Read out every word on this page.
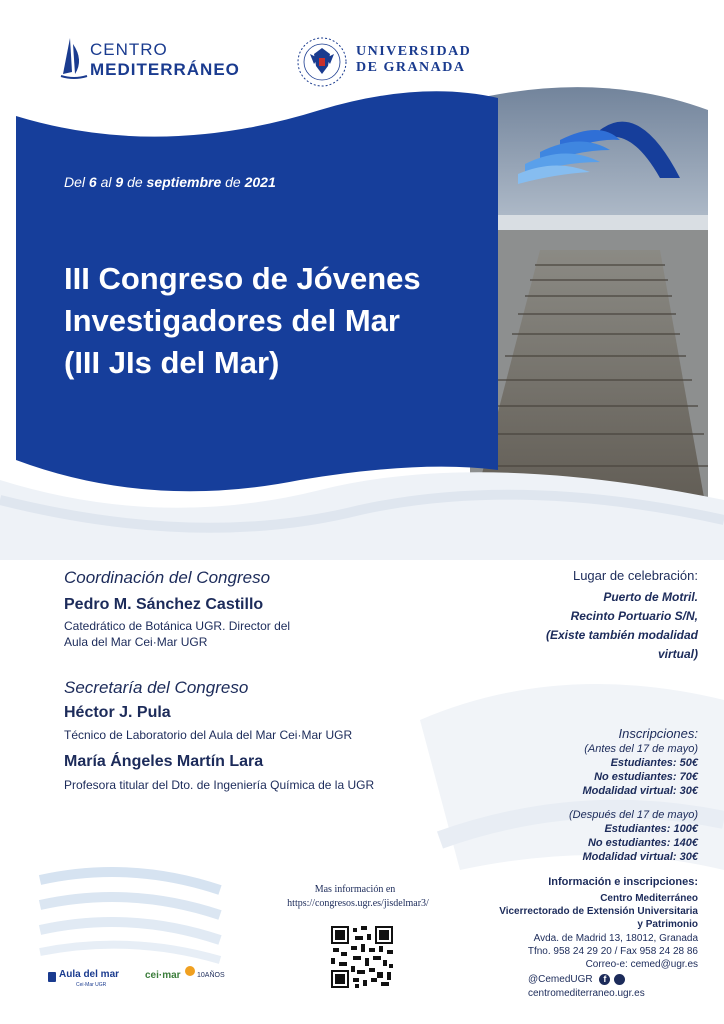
CENTRO
MEDITERRÁNEO
UNIVERSIDAD
DE GRANADA
Del 6 al 9 de septiembre de 2021
III Congreso de Jóvenes
Investigadores del Mar
(III JIs del Mar)
Coordinación del Congreso
Pedro M. Sánchez Castillo
Catedrático de Botánica UGR. Director del
Aula del Mar Cei·Mar UGR
Secretaría del Congreso
Héctor J. Pula
Técnico de Laboratorio del Aula del Mar Cei·Mar UGR
María Ángeles Martín Lara
Profesora titular del Dto. de Ingeniería Química de la UGR
Lugar de celebración:
Puerto de Motril.
Recinto Portuario S/N,
(Existe también modalidad
virtual)
Inscripciones:
(Antes del 17 de mayo)
Estudiantes: 50€
No estudiantes: 70€
Modalidad virtual: 30€
(Después del 17 de mayo)
Estudiantes: 100€
No estudiantes: 140€
Modalidad virtual: 30€
Mas información en
https://congresos.ugr.es/jisdelmar3/
Información e inscripciones:
Centro Mediterráneo
Vicerrectorado de Extensión Universitaria
y Patrimonio
Avda. de Madrid 13, 18012, Granada
Tfno. 958 24 29 20 / Fax 958 24 28 86
Correo-e: cemed@ugr.es
@CemedUGR f
centromediterraneo.ugr.es
Aula del mar
Cei·Mar UGR
cei·mar 10AÑOS
